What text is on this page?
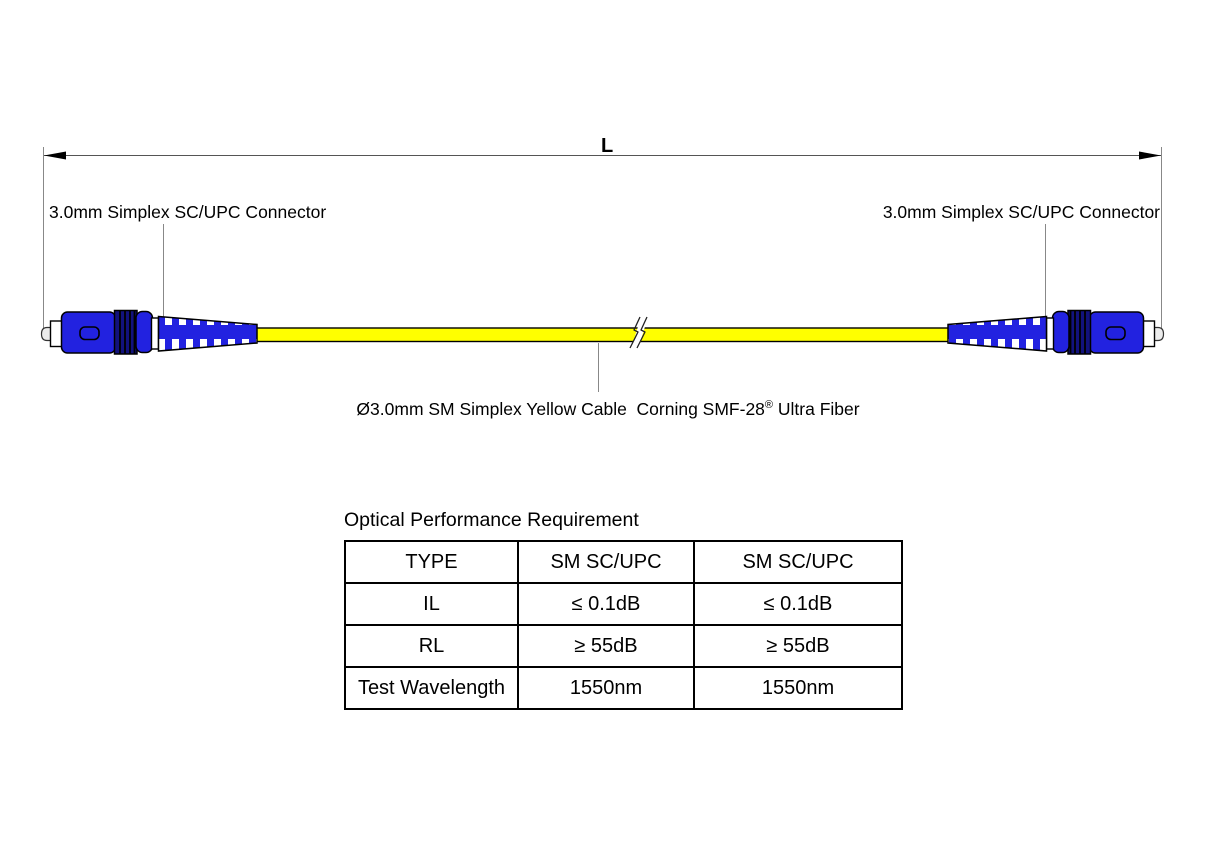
L
3.0mm Simplex SC/UPC Connector	3.0mm Simplex SC/UPC Connector
Ø3.0mm SM Simplex Yellow Cable  Corning SMF-28® Ultra Fiber
Optical Performance Requirement
TYPE	SM SC/UPC	SM SC/UPC
IL	≤ 0.1dB	≤ 0.1dB
RL	≥ 55dB	≥ 55dB
Test Wavelength	1550nm	1550nm
